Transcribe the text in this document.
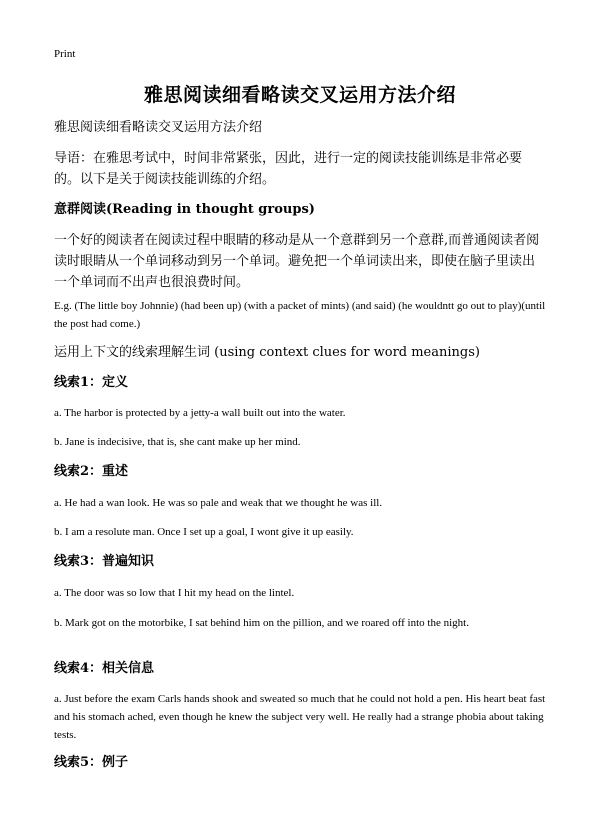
Print
雅思阅读细看略读交叉运用方法介绍
雅思阅读细看略读交叉运用方法介绍
导语：在雅思考试中，时间非常紧张，因此，进行一定的阅读技能训练是非常必要的。以下是关于阅读技能训练的介绍。
意群阅读(Reading in thought groups)
一个好的阅读者在阅读过程中眼睛的移动是从一个意群到另一个意群,而普通阅读者阅读时眼睛从一个单词移动到另一个单词。避免把一个单词读出来，即使在脑子里读出一个单词而不出声也很浪费时间。
E.g. (The little boy Johnnie) (had been up) (with a packet of mints) (and said) (he wouldntt go out to play)(until the post had come.)
运用上下文的线索理解生词 (using context clues for word meanings)
线索1：定义
a. The harbor is protected by a jetty-a wall built out into the water.
b. Jane is indecisive, that is, she cant make up her mind.
线索2：重述
a. He had a wan look. He was so pale and weak that we thought he was ill.
b. I am a resolute man. Once I set up a goal, I wont give it up easily.
线索3：普遍知识
a. The door was so low that I hit my head on the lintel.
b. Mark got on the motorbike, I sat behind him on the pillion, and we roared off into the night.
线索4：相关信息
a. Just before the exam Carls hands shook and sweated so much that he could not hold a pen. His heart beat fast and his stomach ached, even though he knew the subject very well. He really had a strange phobia about taking tests.
线索5：例子
